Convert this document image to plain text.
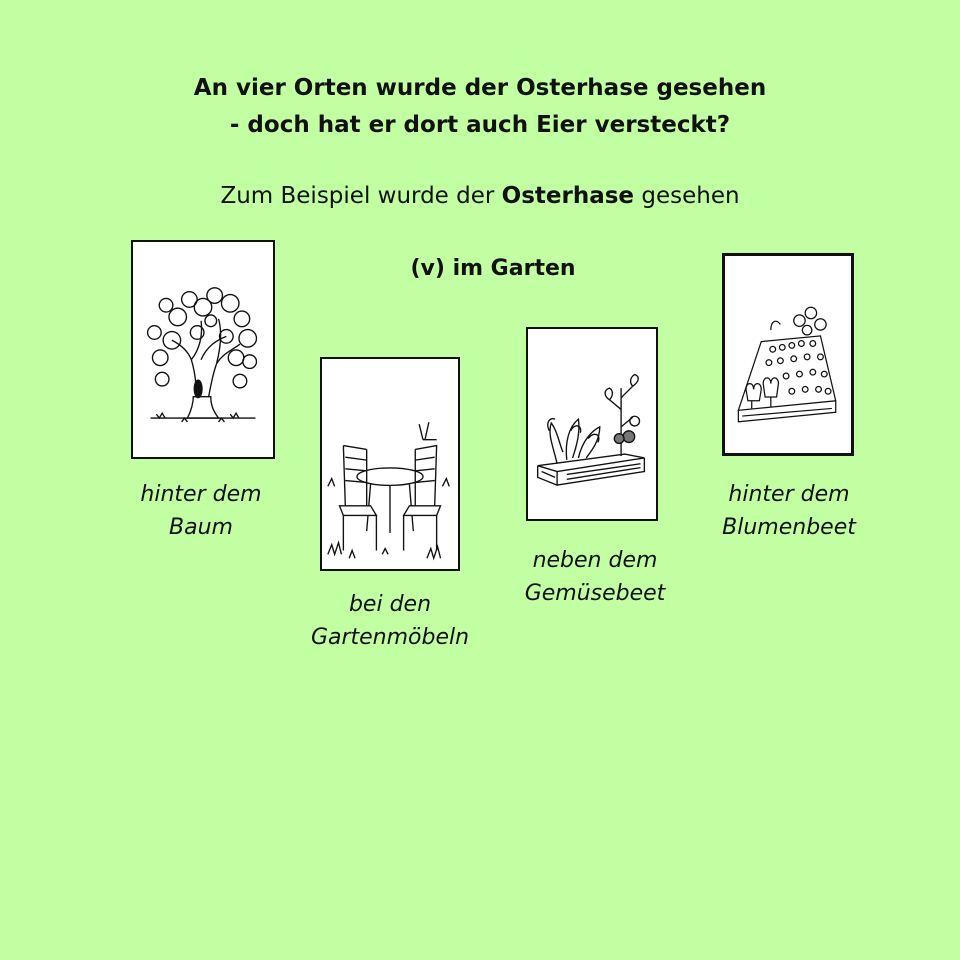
An vier Orten wurde der Osterhase gesehen
- doch hat er dort auch Eier versteckt?
Zum Beispiel wurde der Osterhase gesehen
(v) im Garten
hinter dem
Baum
bei den
Gartenmöbeln
neben dem
Gemüsebeet
hinter dem
Blumenbeet
